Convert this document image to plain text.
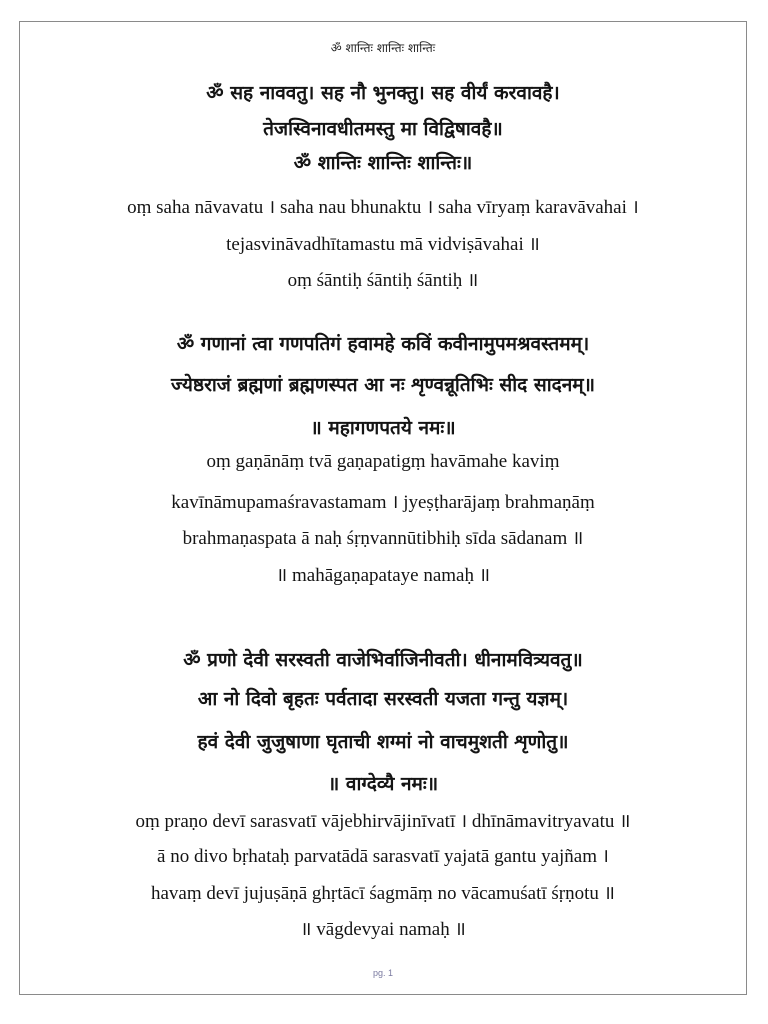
ॐ शान्तिः शान्तिः शान्तिः
ॐ सह नाववतु। सह नौ भुनक्तु। सह वीर्यं करवावहै।
तेजस्विनावधीतमस्तु मा विद्विषावहै॥
ॐ शान्तिः शान्तिः शान्तिः॥
oṃ saha nāvavatu । saha nau bhunaktu । saha vīryaṃ karavāvahai ।
tejasvināvadhītamastu mā vidviṣāvahai ॥
oṃ śāntiḥ śāntiḥ śāntiḥ ॥
ॐ गणानां त्वा गणपतिगं हवामहे कविं कवीनामुपमश्रवस्तमम्।
ज्येष्ठराजं ब्रह्मणां ब्रह्मणस्पत आ नः शृण्वन्नूतिभिः सीद सादनम्॥
॥ महागणपतये नमः॥
oṃ gaṇānāṃ tvā gaṇapatigṃ havāmahe kaviṃ
kavīnāmupamaśravastamam । jyeṣṭharājaṃ brahmaṇāṃ
brahmaṇaspata ā naḥ śṛṇvannūtibhiḥ sīda sādanam ॥
॥ mahāgaṇapataye namaḥ ॥
ॐ प्रणो देवी सरस्वती वाजेभिर्वाजिनीवती। धीनामवित्र्यवतु॥
आ नो दिवो बृहतः पर्वतादा सरस्वती यजता गन्तु यज्ञम्।
हवं देवी जुजुषाणा घृताची शग्मां नो वाचमुशती शृणोतु॥
॥ वाग्देव्यै नमः॥
oṃ praṇo devī sarasvatī vājebhirvājinīvatī । dhīnāmavitryavatu ॥
ā no divo bṛhataḥ parvatādā sarasvatī yajatā gantu yajñam ।
havaṃ devī jujuṣāṇā ghṛtācī śagmāṃ no vācamuśatī śṛṇotu ॥
॥ vāgdevyai namaḥ ॥
pg. 1
